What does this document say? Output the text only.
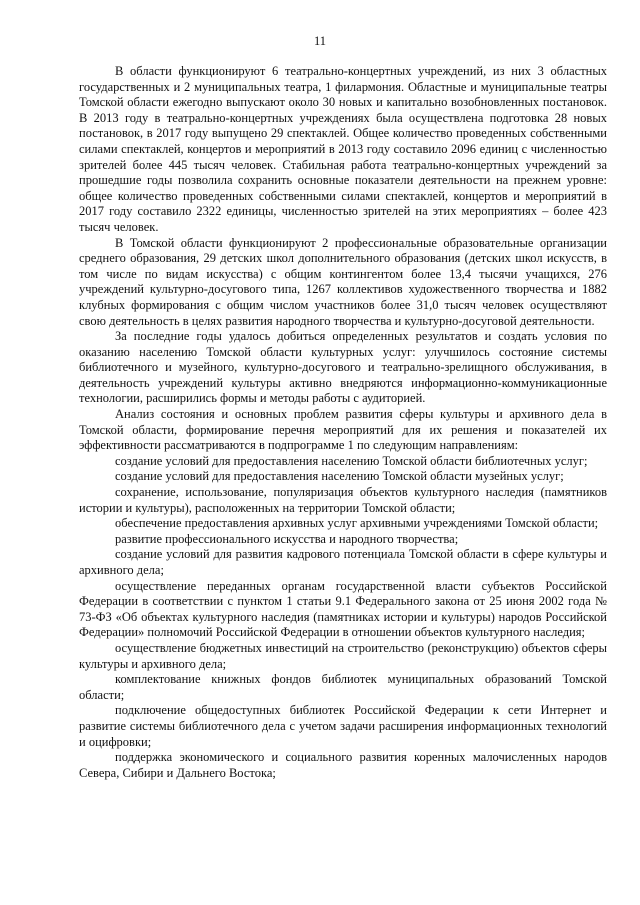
11

В области функционируют 6 театрально-концертных учреждений, из них 3 областных государственных и 2 муниципальных театра, 1 филармония. Областные и муниципальные театры Томской области ежегодно выпускают около 30 новых и капитально возобновленных постановок. В 2013 году в театрально-концертных учреждениях была осуществлена подготовка 28 новых постановок, в 2017 году выпущено 29 спектаклей. Общее количество проведенных собственными силами спектаклей, концертов и мероприятий в 2013 году составило 2096 единиц с численностью зрителей более 445 тысяч человек. Стабильная работа театрально-концертных учреждений за прошедшие годы позволила сохранить основные показатели деятельности на прежнем уровне: общее количество проведенных собственными силами спектаклей, концертов и мероприятий в 2017 году составило 2322 единицы, численностью зрителей на этих мероприятиях – более 423 тысяч человек.

В Томской области функционируют 2 профессиональные образовательные организации среднего образования, 29 детских школ дополнительного образования (детских школ искусств, в том числе по видам искусства) с общим контингентом более 13,4 тысячи учащихся, 276 учреждений культурно-досугового типа, 1267 коллективов художественного творчества и 1882 клубных формирования с общим числом участников более 31,0 тысяч человек осуществляют свою деятельность в целях развития народного творчества и культурно-досуговой деятельности.

За последние годы удалось добиться определенных результатов и создать условия по оказанию населению Томской области культурных услуг: улучшилось состояние системы библиотечного и музейного, культурно-досугового и театрально-зрелищного обслуживания, в деятельность учреждений культуры активно внедряются информационно-коммуникационные технологии, расширились формы и методы работы с аудиторией.

Анализ состояния и основных проблем развития сферы культуры и архивного дела в Томской области, формирование перечня мероприятий для их решения и показателей их эффективности рассматриваются в подпрограмме 1 по следующим направлениям:

создание условий для предоставления населению Томской области библиотечных услуг;

создание условий для предоставления населению Томской области музейных услуг;

сохранение, использование, популяризация объектов культурного наследия (памятников истории и культуры), расположенных на территории Томской области;

обеспечение предоставления архивных услуг архивными учреждениями Томской области;

развитие профессионального искусства и народного творчества;

создание условий для развития кадрового потенциала Томской области в сфере культуры и архивного дела;

осуществление переданных органам государственной власти субъектов Российской Федерации в соответствии с пунктом 1 статьи 9.1 Федерального закона от 25 июня 2002 года № 73-ФЗ «Об объектах культурного наследия (памятниках истории и культуры) народов Российской Федерации» полномочий Российской Федерации в отношении объектов культурного наследия;

осуществление бюджетных инвестиций на строительство (реконструкцию) объектов сферы культуры и архивного дела;

комплектование книжных фондов библиотек муниципальных образований Томской области;

подключение общедоступных библиотек Российской Федерации к сети Интернет и развитие системы библиотечного дела с учетом задачи расширения информационных технологий и оцифровки;

поддержка экономического и социального развития коренных малочисленных народов Севера, Сибири и Дальнего Востока;
